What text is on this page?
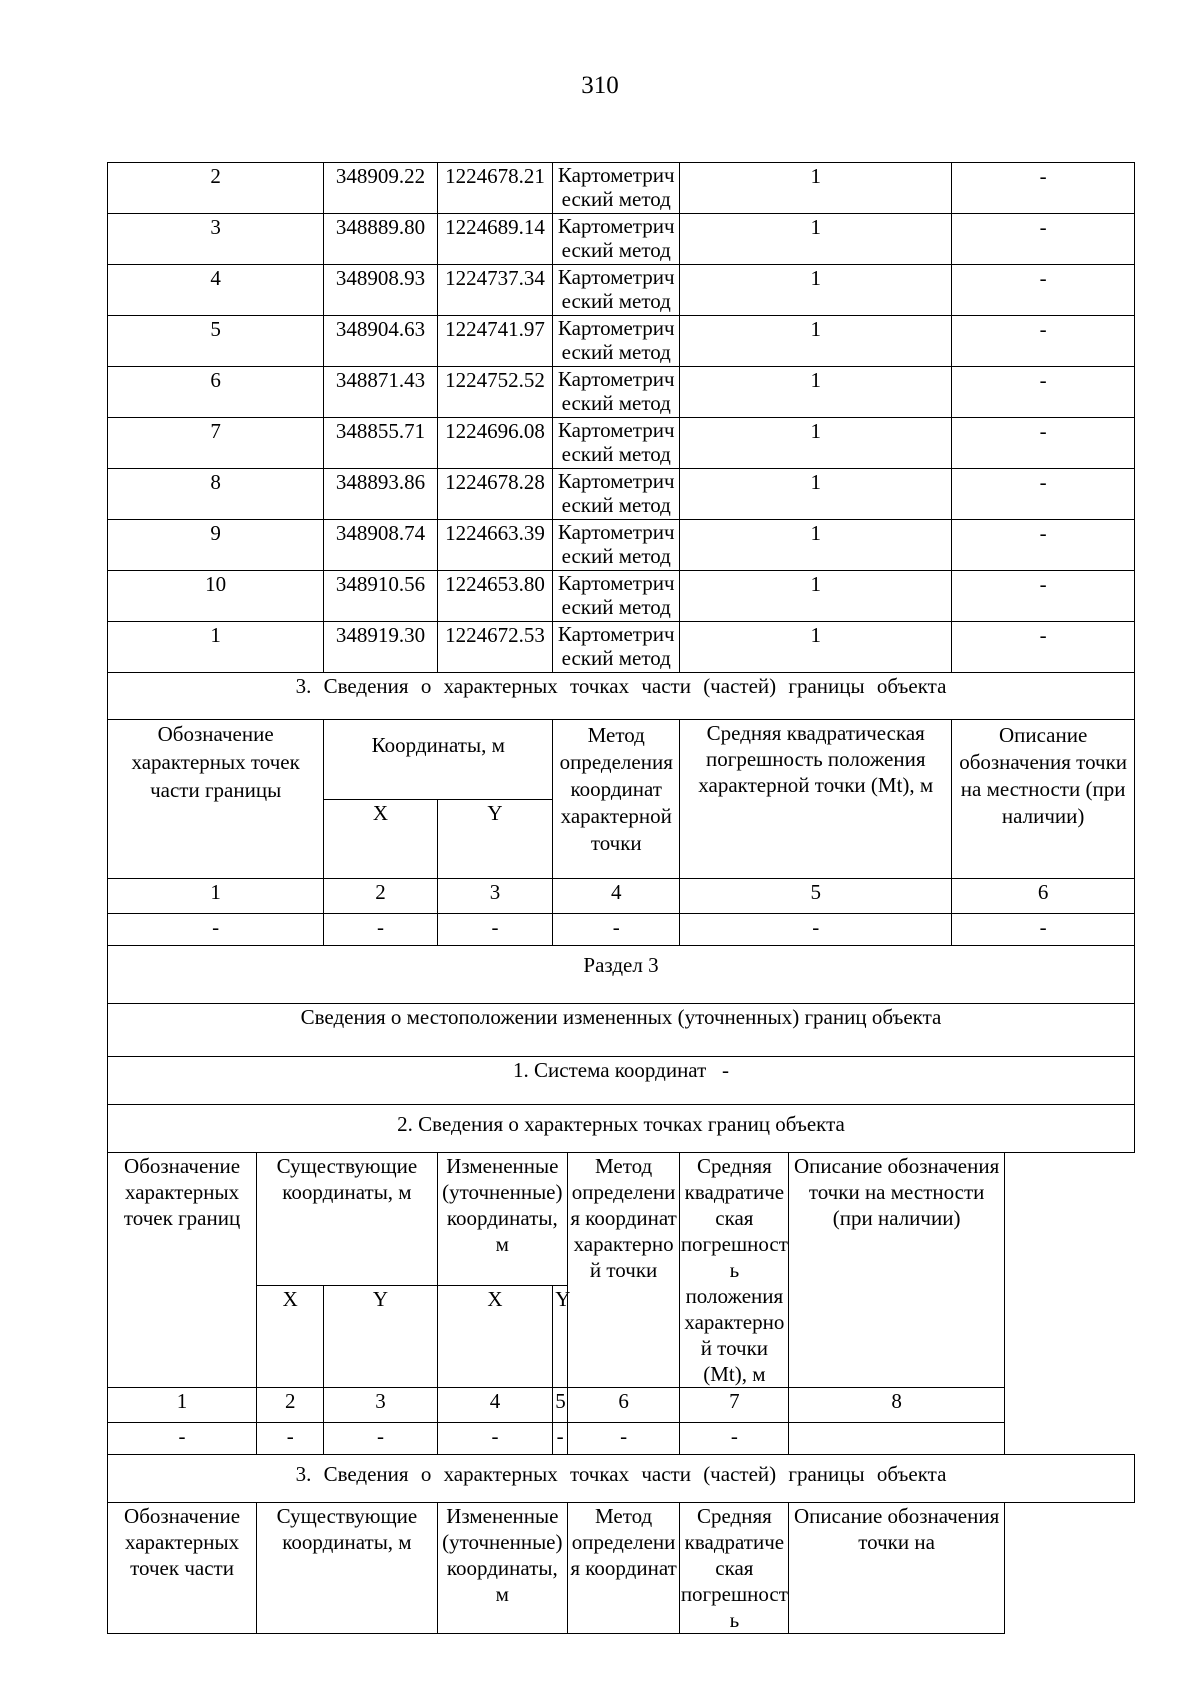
310
2		348909.22	1224678.21	Картометрический метод		1		-
3		348889.80	1224689.14	Картометрический метод		1		-
4		348908.93	1224737.34	Картометрический метод		1		-
5		348904.63	1224741.97	Картометрический метод		1		-
6		348871.43	1224752.52	Картометрический метод		1		-
7		348855.71	1224696.08	Картометрический метод		1		-
8		348893.86	1224678.28	Картометрический метод		1		-
9		348908.74	1224663.39	Картометрический метод		1		-
10		348910.56	1224653.80	Картометрический метод		1		-
1		348919.30	1224672.53	Картометрический метод		1		-
3. Сведения о характерных точках части (частей) границы объекта								
Обозначение характерных точек части границы		Координаты, м		Метод определения координат характерной точки		Средняя квадратическая погрешность положения характерной точки (Mt), м		Описание обозначения точки на местности (при наличии)
		X	Y					
1		2	3	4		5		6
-		-	-	-		-		-
Раздел 3								
Сведения о местоположении измененных (уточненных) границ объекта								
1. Система координат   -								
2. Сведения о характерных точках границ объекта								
Обозначение характерных точек границ	Существующие координаты, м		Измененные (уточненные) координаты, м		Метод определения координат характерной точки	Средняя квадратическая погрешность положения характерной точки (Mt), м	Описание обозначения точки на местности (при наличии)	
	X	Y	X	Y				
1	2	3	4	5	6	7	8	
-	-	-	-	-	-	-		
3. Сведения о характерных точках части (частей) границы объекта								
Обозначение характерных точек части	Существующие координаты, м		Измененные (уточненные) координаты, м		Метод определения координат	Средняя квадратическая погрешность	Описание обозначения точки на	
